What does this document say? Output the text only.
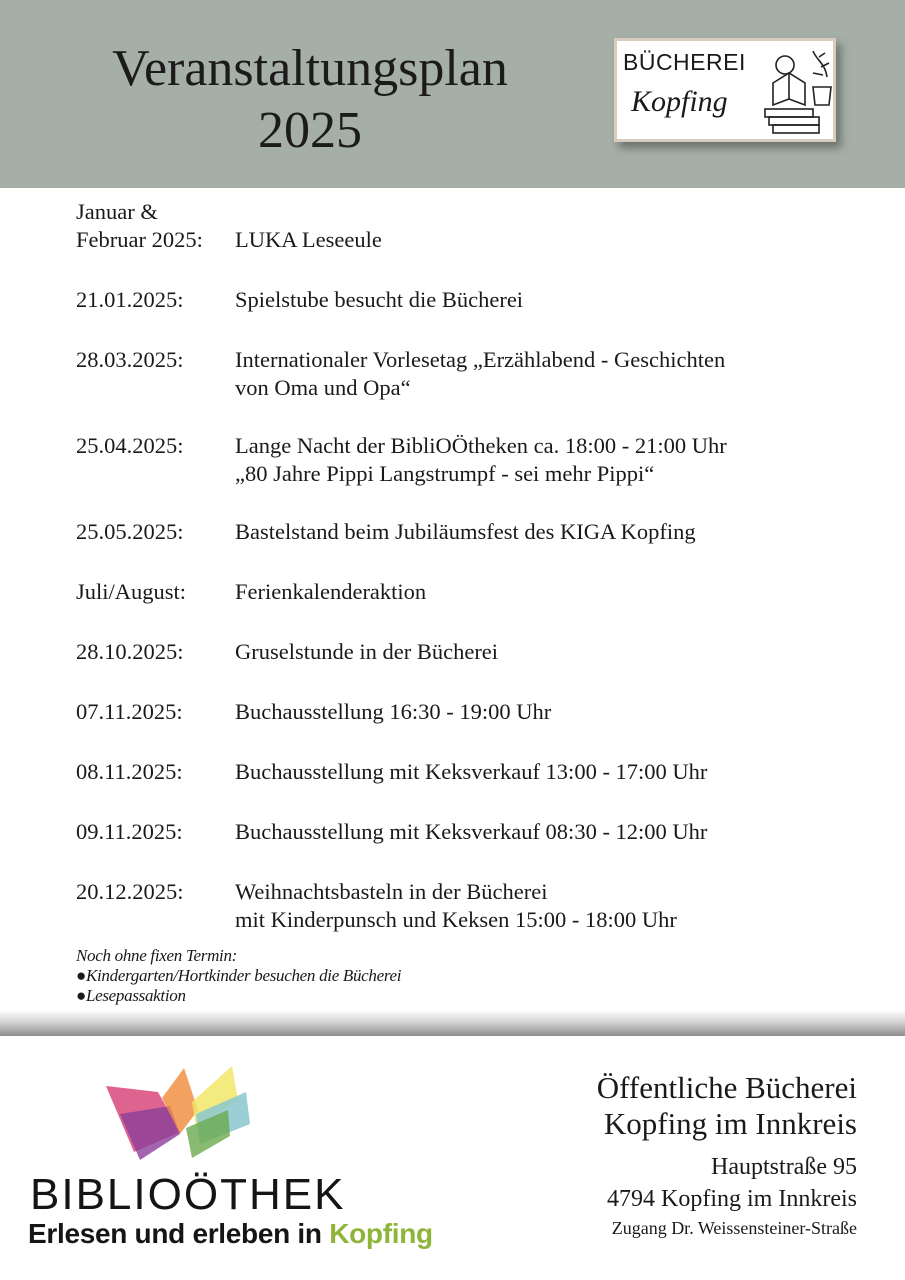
Veranstaltungsplan
2025
BÜCHEREI
Kopfing
Januar &
Februar 2025:	LUKA Leseeule
21.01.2025:	Spielstube besucht die Bücherei
28.03.2025:	Internationaler Vorlesetag „Erzählabend - Geschichten
von Oma und Opa“
25.04.2025:	Lange Nacht der BibliOÖtheken ca. 18:00 - 21:00 Uhr
„80 Jahre Pippi Langstrumpf - sei mehr Pippi“
25.05.2025:	Bastelstand beim Jubiläumsfest des KIGA Kopfing
Juli/August:	Ferienkalenderaktion
28.10.2025:	Gruselstunde in der Bücherei
07.11.2025:	Buchausstellung 16:30 - 19:00 Uhr
08.11.2025:	Buchausstellung mit Keksverkauf 13:00 - 17:00 Uhr
09.11.2025:	Buchausstellung mit Keksverkauf 08:30 - 12:00 Uhr
20.12.2025:	Weihnachtsbasteln in der Bücherei
mit Kinderpunsch und Keksen 15:00 - 18:00 Uhr
Noch ohne fixen Termin:
●Kindergarten/Hortkinder besuchen die Bücherei
●Lesepassaktion
BIBLIOÖTHEK
Erlesen und erleben in Kopfing
Öffentliche Bücherei
Kopfing im Innkreis
Hauptstraße 95
4794 Kopfing im Innkreis
Zugang Dr. Weissensteiner-Straße
